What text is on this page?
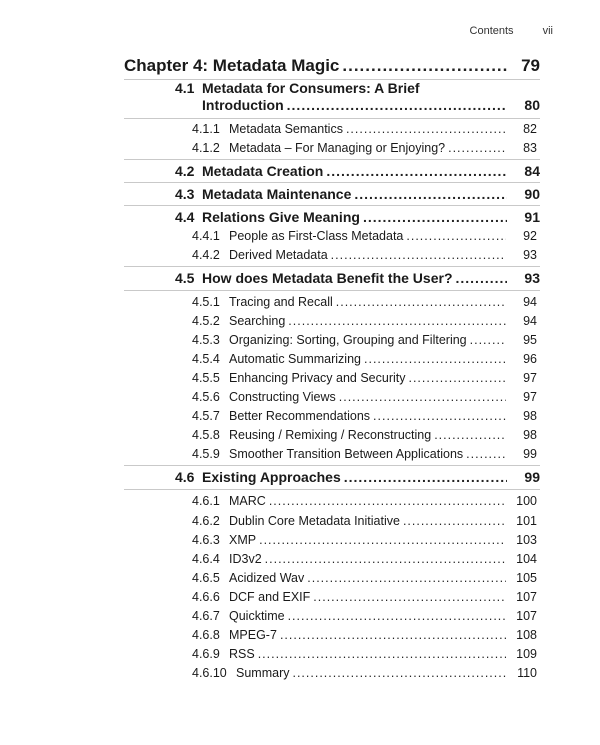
Contents	vii
Chapter 4: Metadata Magic .....	79
4.1 Metadata for Consumers: A Brief
Introduction .....	80
4.1.1 Metadata Semantics .....	82
4.1.2 Metadata – For Managing or Enjoying? .....	83
4.2 Metadata Creation .....	84
4.3 Metadata Maintenance .....	90
4.4 Relations Give Meaning .....	91
4.4.1 People as First-Class Metadata .....	92
4.4.2 Derived Metadata .....	93
4.5 How does Metadata Benefit the User? .....	93
4.5.1 Tracing and Recall .....	94
4.5.2 Searching .....	94
4.5.3 Organizing: Sorting, Grouping and Filtering .....	95
4.5.4 Automatic Summarizing .....	96
4.5.5 Enhancing Privacy and Security .....	97
4.5.6 Constructing Views .....	97
4.5.7 Better Recommendations .....	98
4.5.8 Reusing / Remixing / Reconstructing .....	98
4.5.9 Smoother Transition Between Applications .....	99
4.6 Existing Approaches .....	99
4.6.1 MARC .....	100
4.6.2 Dublin Core Metadata Initiative .....	101
4.6.3 XMP .....	103
4.6.4 ID3v2 .....	104
4.6.5 Acidized Wav .....	105
4.6.6 DCF and EXIF .....	107
4.6.7 Quicktime .....	107
4.6.8 MPEG-7 .....	108
4.6.9 RSS .....	109
4.6.10 Summary .....	110
